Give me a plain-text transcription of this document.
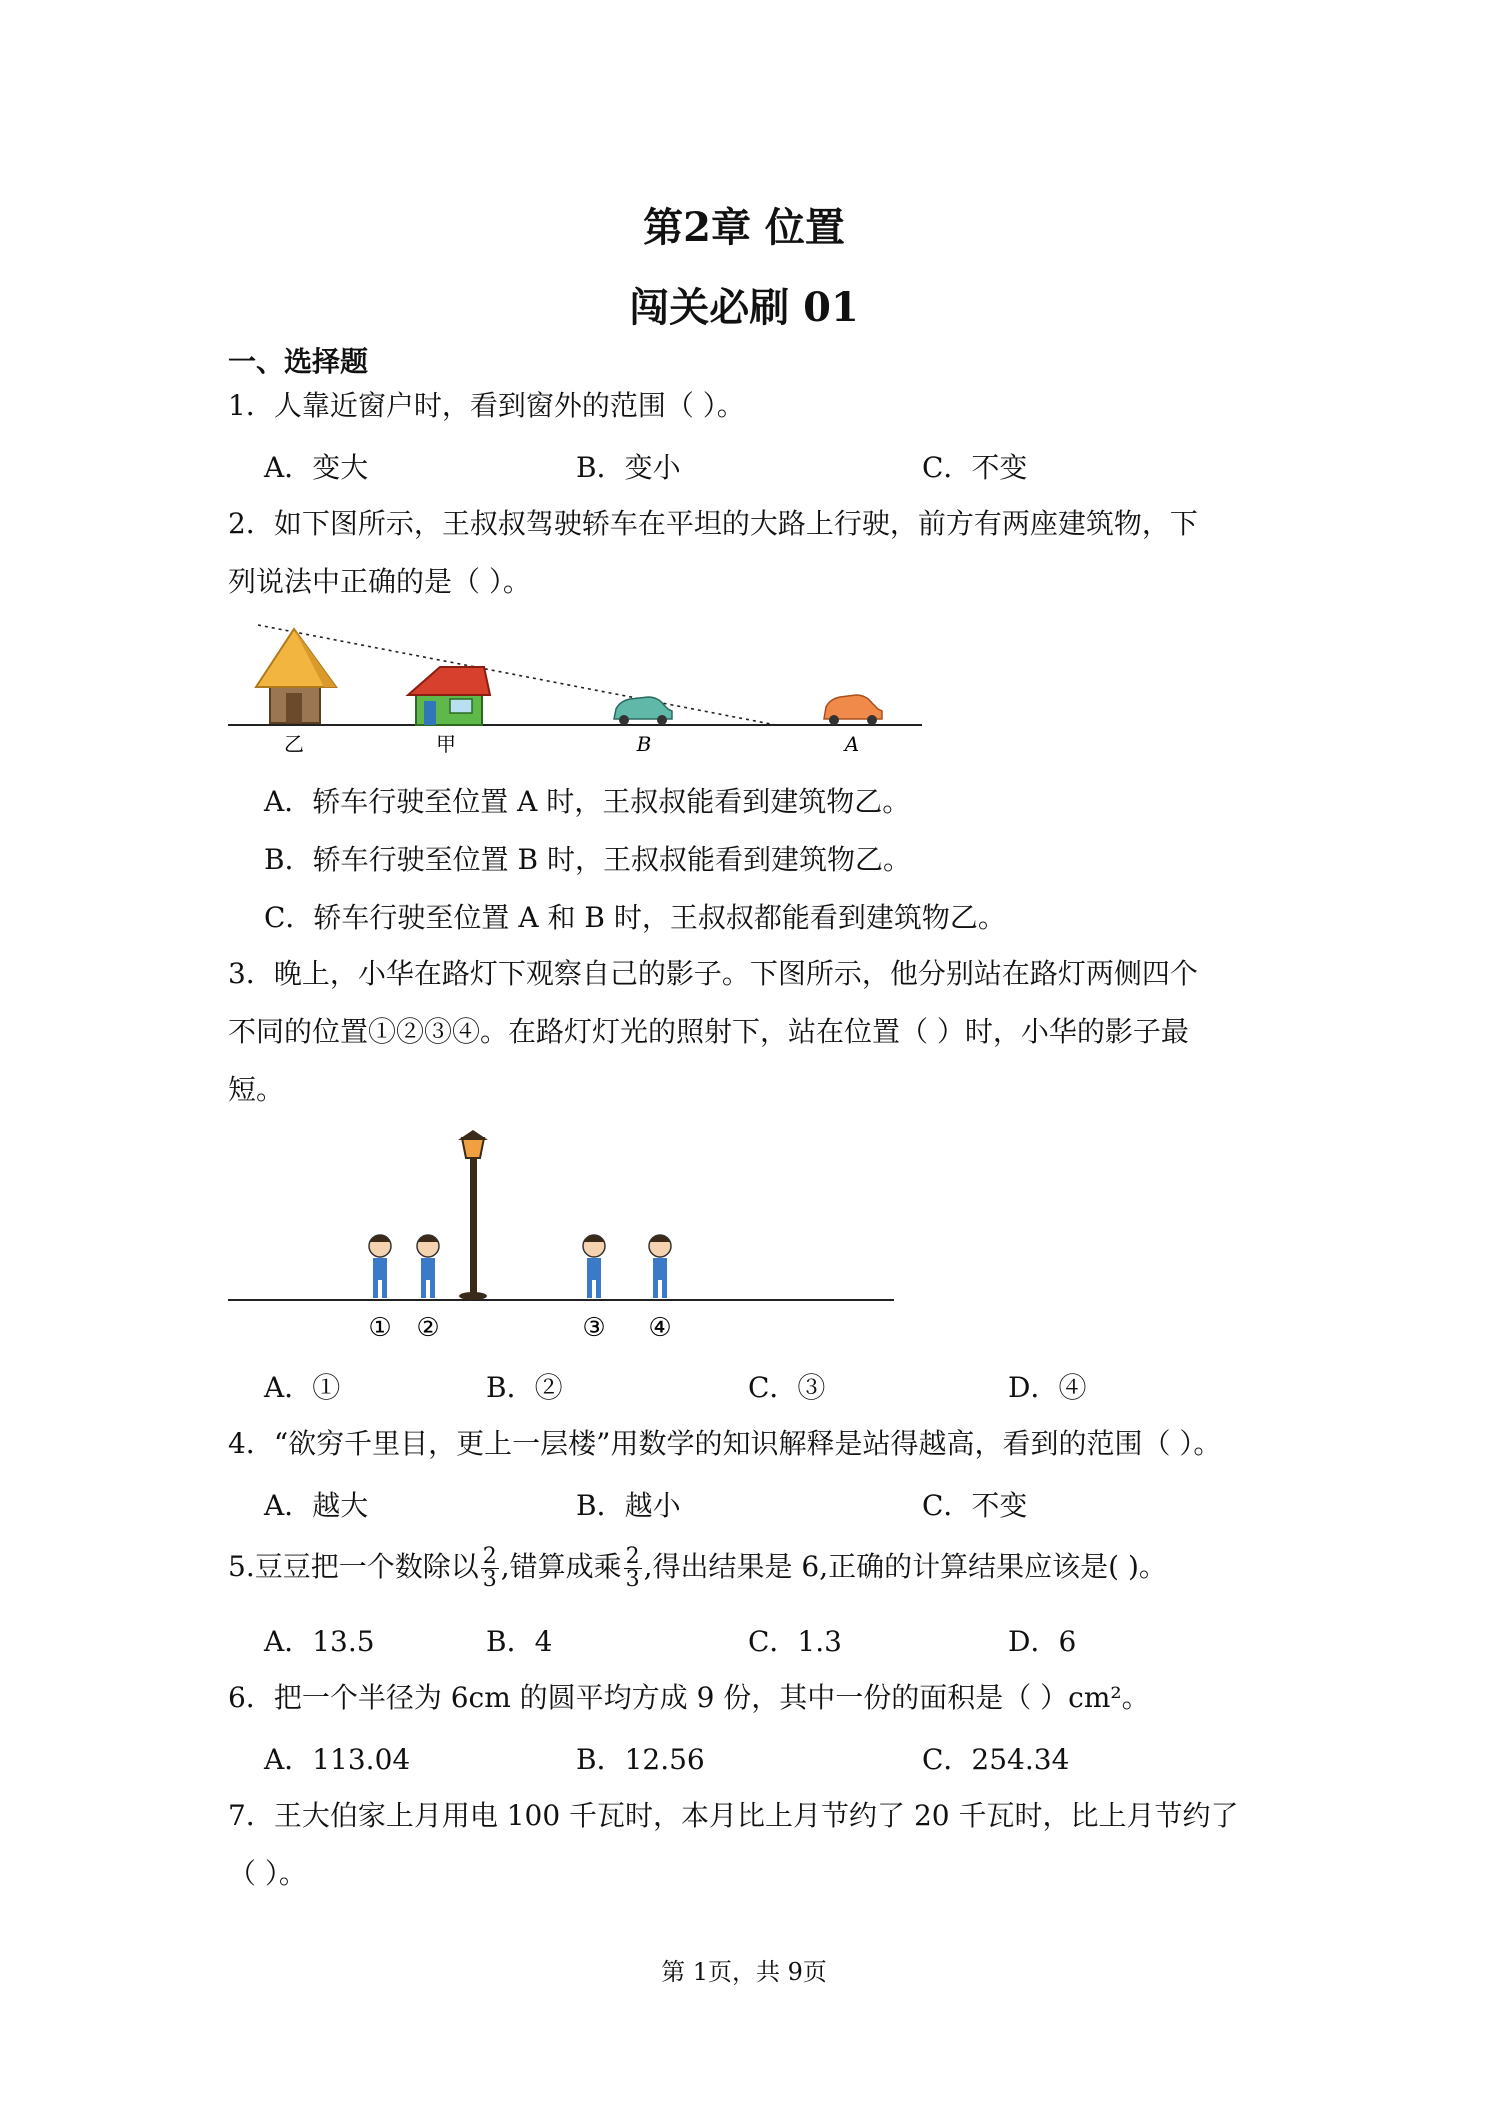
第2章 位置
闯关必刷 01
一、选择题
1．人靠近窗户时，看到窗外的范围（ ）。
A．变大	B．变小	C．不变
2．如下图所示，王叔叔驾驶轿车在平坦的大路上行驶，前方有两座建筑物，下
列说法中正确的是（ ）。
乙	甲	B	A
A．轿车行驶至位置 A 时，王叔叔能看到建筑物乙。
B．轿车行驶至位置 B 时，王叔叔能看到建筑物乙。
C．轿车行驶至位置 A 和 B 时，王叔叔都能看到建筑物乙。
3．晚上，小华在路灯下观察自己的影子。下图所示，他分别站在路灯两侧四个
不同的位置①②③④。在路灯灯光的照射下，站在位置（ ）时，小华的影子最
短。
① ②	③ ④
A．①	B．②	C．③	D．④
4．“欲穷千里目，更上一层楼”用数学的知识解释是站得越高，看到的范围（ ）。
A．越大	B．越小	C．不变
5.豆豆把一个数除以 $\frac{2}{3}$ ,错算成乘 $\frac{2}{3}$ ,得出结果是 6,正确的计算结果应该是( )。
A．13.5	B．4	C．1.3	D．6
6．把一个半径为 6cm 的圆平均方成 9 份，其中一份的面积是（ ）cm²。
A．113.04	B．12.56	C．254.34
7．王大伯家上月用电 100 千瓦时，本月比上月节约了 20 千瓦时，比上月节约了
（ ）。
第 1页，共 9页
